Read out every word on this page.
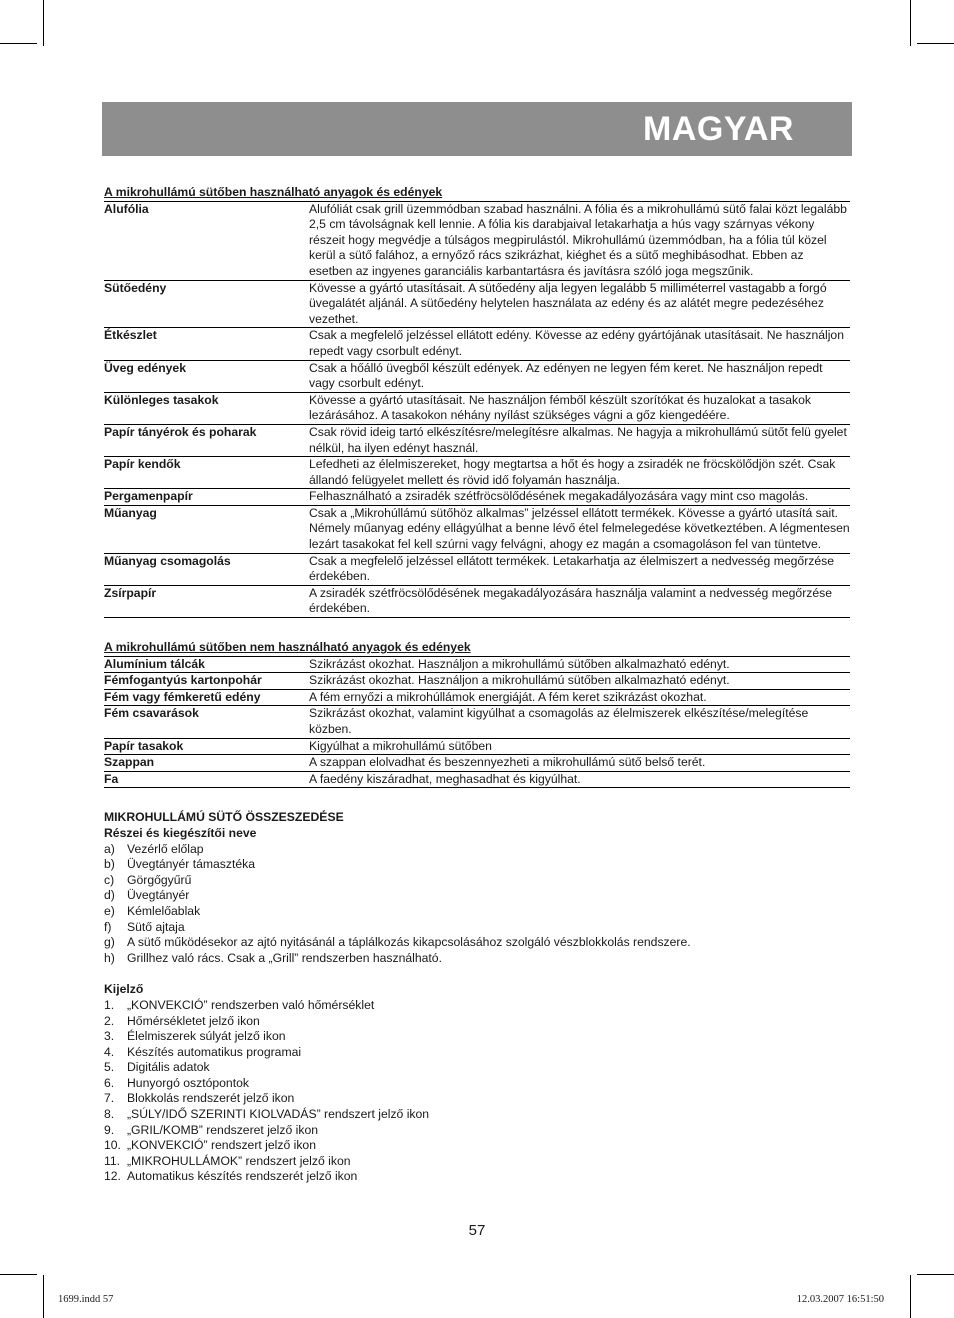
MAGYAR
A mikrohullámú sütőben használható anyagok és edények
Alufólia	Alufóliát csak grill üzemmódban szabad használni. A fólia és a mikrohullámú sütő falai közt legalább 2,5 cm távolságnak kell lennie. A fólia kis darabjaival letakarhatja a hús vagy szárnyas vékony részeit hogy megvédje a túlságos megpirulástól. Mikrohullámú üzemmódban, ha a fólia túl közel kerül a sütő falához, a ernyőző rács szikrázhat, kiéghet és a sütő meghibásodhat. Ebben az esetben az ingyenes garanciális karbantartásra és javításra szóló joga megszűnik.
Sütőedény	Kövesse a gyártó utasításait. A sütőedény alja legyen legalább 5 milliméterrel vastagabb a forgó üvegalátét aljánál. A sütőedény helytelen használata az edény és az alátét megre pedezéséhez vezethet.
Étkészlet	Csak a megfelelő jelzéssel ellátott edény. Kövesse az edény gyártójának utasításait. Ne használjon repedt vagy csorbult edényt.
Üveg edények	Csak a hőálló üvegből készült edények. Az edényen ne legyen fém keret. Ne használjon repedt vagy csorbult edényt.
Különleges tasakok	Kövesse a gyártó utasításait. Ne használjon fémből készült szorítókat és huzalokat a tasakok lezárásához. A tasakokon néhány nyílást szükséges vágni a gőz kiengedéére.
Papír tányérok és poharak	Csak rövid ideig tartó elkészítésre/melegítésre alkalmas. Ne hagyja a mikrohullámú sütőt felü gyelet nélkül, ha ilyen edényt használ.
Papír kendők	Lefedheti az élelmiszereket, hogy megtartsa a hőt és hogy a zsiradék ne fröcskölődjön szét. Csak állandó felügyelet mellett és rövid idő folyamán használja.
Pergamenpapír	Felhasználható a zsiradék szétfröcsölődésének megakadályozására vagy mint cso magolás.
Műanyag	Csak a „Mikrohúllámú sütőhöz alkalmas” jelzéssel ellátott termékek. Kövesse a gyártó utasítá sait. Némely műanyag edény ellágyúlhat a benne lévő étel felmelegedése következtében. A légmentesen lezárt tasakokat fel kell szúrni vagy felvágni, ahogy ez magán a csomagoláson fel van tüntetve.
Műanyag csomagolás	Csak a megfelelő jelzéssel ellátott termékek. Letakarhatja az élelmiszert a nedvesség megőrzése érdekében.
Zsírpapír	A zsiradék szétfröcsölődésének megakadályozására használja valamint a nedvesség megőrzése érdekében.
A mikrohullámú sütőben nem használható anyagok és edények
Alumínium tálcák	Szikrázást okozhat. Használjon a mikrohullámú sütőben alkalmazható edényt.
Fémfogantyús kartonpohár	Szikrázást okozhat. Használjon a mikrohullámú sütőben alkalmazható edényt.
Fém vagy fémkeretű edény	A fém ernyőzi a mikrohúllámok energiáját. A fém keret szikrázást okozhat.
Fém csavarások	Szikrázást okozhat, valamint kigyúlhat a csomagolás az élelmiszerek elkészítése/melegítése közben.
Papír tasakok	Kigyúlhat a mikrohullámú sütőben
Szappan	A szappan elolvadhat és beszennyezheti a mikrohullámú sütő belső terét.
Fa	A faedény kiszáradhat, meghasadhat és kigyúlhat.
MIKROHULLÁMÚ SÜTŐ ÖSSZESZEDÉSE
Részei és kiegészítői neve
a) Vezérlő előlap
b) Üvegtányér támasztéka
c)	Görgőgyűrű
d) Üvegtányér
e) Kémlelőablak
f)	Sütő ajtaja
g) A sütő működésekor az ajtó nyitásánál a táplálkozás kikapcsolásához szolgáló vészblokkolás rendszere.
h) Grillhez való rács. Csak a „Grill” rendszerben használható.
Kijelző
1.	„KONVEKCIÓ” rendszerben való hőmérséklet
2.	Hőmérsékletet jelző ikon
3.	Élelmiszerek súlyát jelző ikon
4.	Készítés automatikus programai
5.	Digitális adatok
6.	Hunyorgó osztópontok
7.	Blokkolás rendszerét jelző ikon
8.	„SÚLY/IDŐ SZERINTI KIOLVADÁS” rendszert jelző ikon
9.	„GRIL/KOMB” rendszeret jelző ikon
10. „KONVEKCIÓ” rendszert jelző ikon
11. „MIKROHULLÁMOK” rendszert jelző ikon
12. Automatikus készítés rendszerét jelző ikon
57
1699.indd 57	12.03.2007 16:51:50
